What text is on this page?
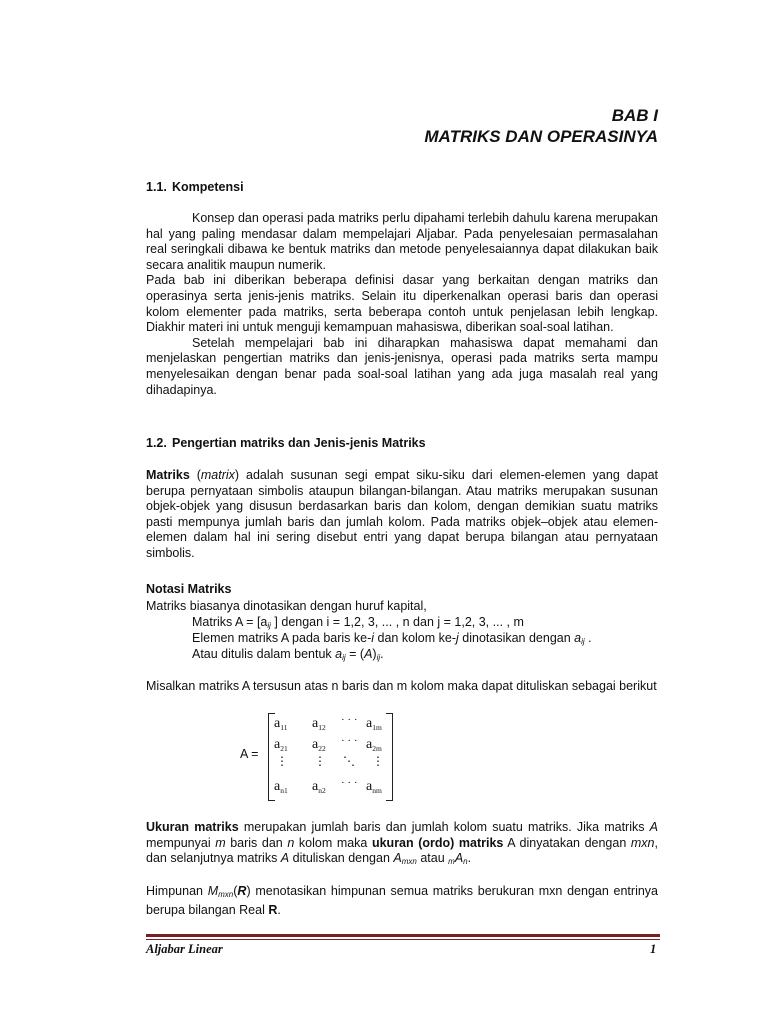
BAB I
MATRIKS DAN OPERASINYA
1.1. Kompetensi

Konsep dan operasi pada matriks perlu dipahami terlebih dahulu karena merupakan hal yang paling mendasar dalam mempelajari Aljabar. Pada penyelesaian permasalahan real seringkali dibawa ke bentuk matriks dan metode penyelesaiannya dapat dilakukan baik secara analitik maupun numerik.

Pada bab ini diberikan beberapa definisi dasar yang berkaitan dengan matriks dan operasinya serta jenis-jenis matriks. Selain itu diperkenalkan operasi baris dan operasi kolom elementer pada matriks, serta beberapa contoh untuk penjelasan lebih lengkap. Diakhir materi ini untuk menguji kemampuan mahasiswa, diberikan soal-soal latihan.

Setelah mempelajari bab ini diharapkan mahasiswa dapat memahami dan menjelaskan pengertian matriks dan jenis-jenisnya, operasi pada matriks serta mampu menyelesaikan dengan benar pada soal-soal latihan yang ada juga masalah real yang dihadapinya.

1.2. Pengertian matriks dan Jenis-jenis Matriks

Matriks (matrix) adalah susunan segi empat siku-siku dari elemen-elemen yang dapat berupa pernyataan simbolis ataupun bilangan-bilangan. Atau matriks merupakan susunan objek-objek yang disusun berdasarkan baris dan kolom, dengan demikian suatu matriks pasti mempunya jumlah baris dan jumlah kolom. Pada matriks objek–objek atau elemen-elemen dalam hal ini sering disebut entri yang dapat berupa bilangan atau pernyataan simbolis.

Notasi Matriks
Matriks biasanya dinotasikan dengan huruf kapital,
Matriks $A = [a_{ij}$ ] dengan i = 1,2, 3, ... , n dan j = 1,2, 3, ... , m
Elemen matriks A pada baris ke-i dan kolom ke-j dinotasikan dengan $a_{ij}$ .
Atau ditulis dalam bentuk $a_{ij} = (A)_{ij}$.

Misalkan matriks A tersusun atas n baris dan m kolom maka dapat dituliskan sebagai berikut

A =
$a_{11}$ $a_{12}$
· · · $a_{1m}$
$a_{21}$ $a_{22}$
· · · $a_{2m}$
⋮ ⋮ ⋱ ⋮
$a_{n1}$ $a_{n2}$
· · · $a_{nm}$

Ukuran matriks merupakan jumlah baris dan jumlah kolom suatu matriks. Jika matriks A mempunyai m baris dan n kolom maka ukuran (ordo) matriks A dinyatakan dengan mxn, dan selanjutnya matriks A dituliskan dengan $A_{mxn}$ atau $_mA_n$.

Himpunan $M_{mxn}(R)$ menotasikan himpunan semua matriks berukuran mxn dengan entrinya berupa bilangan Real R.

Aljabar Linear	1
